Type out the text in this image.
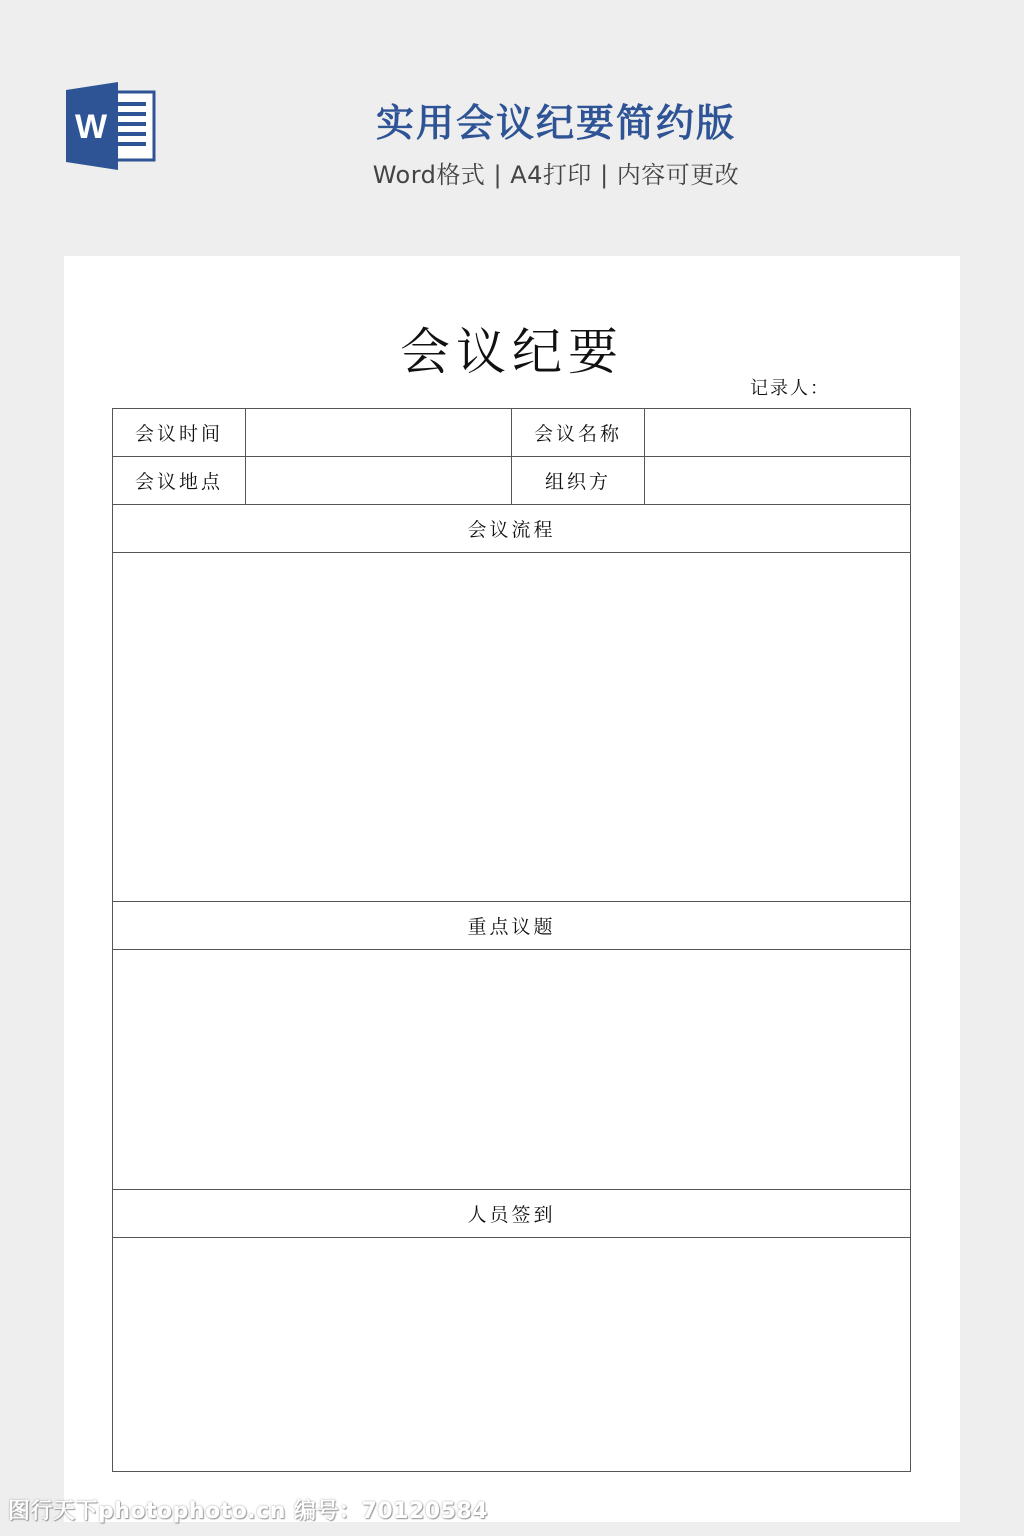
W	实用会议纪要简约版
Word格式 | A4打印 | 内容可更改
会议纪要
记录人：
会议时间		会议名称	
会议地点		组织方	
会议流程			

重点议题			

人员签到			

图行天下photophoto.cn 编号：70120584
